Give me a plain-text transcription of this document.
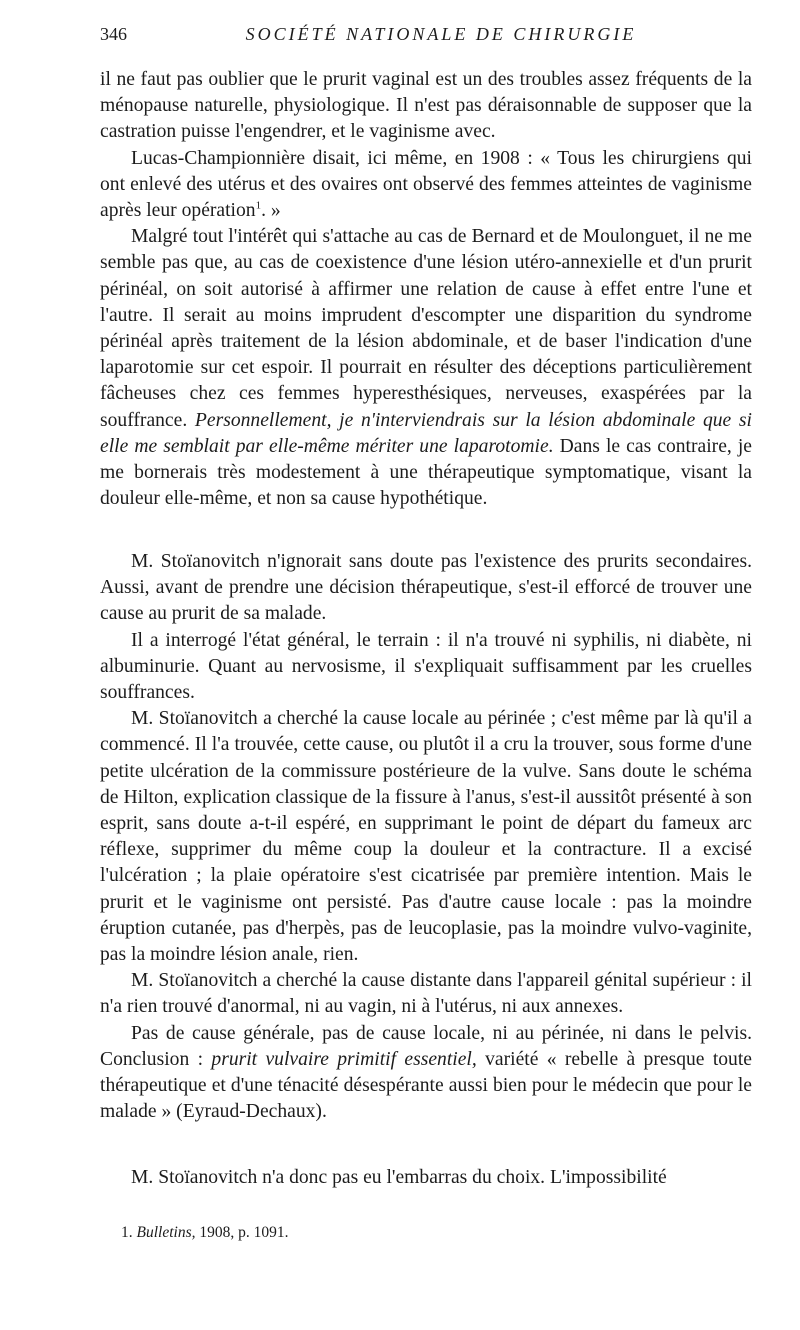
346	SOCIÉTÉ NATIONALE DE CHIRURGIE

il ne faut pas oublier que le prurit vaginal est un des troubles assez fréquents de la ménopause naturelle, physiologique. Il n'est pas déraisonnable de supposer que la castration puisse l'engendrer, et le vaginisme avec.

Lucas-Championnière disait, ici même, en 1908 : « Tous les chirurgiens qui ont enlevé des utérus et des ovaires ont observé des femmes atteintes de vaginisme après leur opération$^1$. »

Malgré tout l'intérêt qui s'attache au cas de Bernard et de Moulonguet, il ne me semble pas que, au cas de coexistence d'une lésion utéro-annexielle et d'un prurit périnéal, on soit autorisé à affirmer une relation de cause à effet entre l'une et l'autre. Il serait au moins imprudent d'escompter une disparition du syndrome périnéal après traitement de la lésion abdominale, et de baser l'indication d'une laparotomie sur cet espoir. Il pourrait en résulter des déceptions particulièrement fâcheuses chez ces femmes hyperesthésiques, nerveuses, exaspérées par la souffrance. Personnellement, je n'interviendrais sur la lésion abdominale que si elle me semblait par elle-même mériter une laparotomie. Dans le cas contraire, je me bornerais très modestement à une thérapeutique symptomatique, visant la douleur elle-même, et non sa cause hypothétique.

M. Stoïanovitch n'ignorait sans doute pas l'existence des prurits secondaires. Aussi, avant de prendre une décision thérapeutique, s'est-il efforcé de trouver une cause au prurit de sa malade.

Il a interrogé l'état général, le terrain : il n'a trouvé ni syphilis, ni diabète, ni albuminurie. Quant au nervosisme, il s'expliquait suffisamment par les cruelles souffrances.

M. Stoïanovitch a cherché la cause locale au périnée ; c'est même par là qu'il a commencé. Il l'a trouvée, cette cause, ou plutôt il a cru la trouver, sous forme d'une petite ulcération de la commissure postérieure de la vulve. Sans doute le schéma de Hilton, explication classique de la fissure à l'anus, s'est-il aussitôt présenté à son esprit, sans doute a-t-il espéré, en supprimant le point de départ du fameux arc réflexe, supprimer du même coup la douleur et la contracture. Il a excisé l'ulcération ; la plaie opératoire s'est cicatrisée par première intention. Mais le prurit et le vaginisme ont persisté. Pas d'autre cause locale : pas la moindre éruption cutanée, pas d'herpès, pas de leucoplasie, pas la moindre vulvo-vaginite, pas la moindre lésion anale, rien.

M. Stoïanovitch a cherché la cause distante dans l'appareil génital supérieur : il n'a rien trouvé d'anormal, ni au vagin, ni à l'utérus, ni aux annexes.

Pas de cause générale, pas de cause locale, ni au périnée, ni dans le pelvis. Conclusion : prurit vulvaire primitif essentiel, variété « rebelle à presque toute thérapeutique et d'une ténacité désespérante aussi bien pour le médecin que pour le malade » (Eyraud-Dechaux).

M. Stoïanovitch n'a donc pas eu l'embarras du choix. L'impossibilité

1. Bulletins, 1908, p. 1091.
